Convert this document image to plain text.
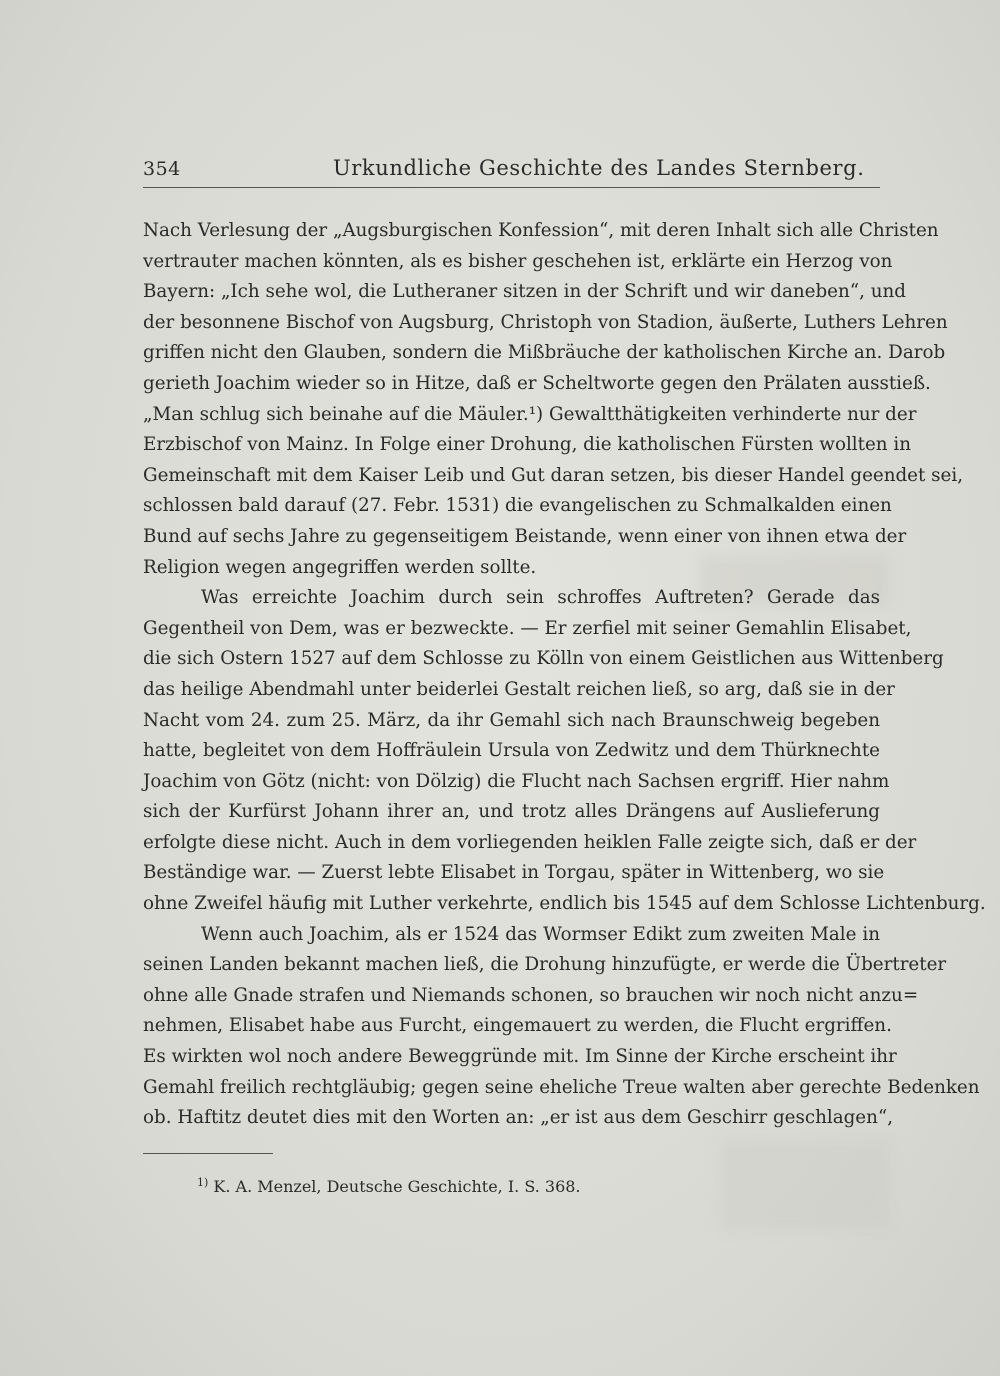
354	Urkundliche Geschichte des Landes Sternberg.
Nach Verlesung der „Augsburgischen Konfession“, mit deren Inhalt sich alle Christen
vertrauter machen könnten, als es bisher geschehen ist, erklärte ein Herzog von
Bayern: „Ich sehe wol, die Lutheraner sitzen in der Schrift und wir daneben“, und
der besonnene Bischof von Augsburg, Christoph von Stadion, äußerte, Luthers Lehren
griffen nicht den Glauben, sondern die Mißbräuche der katholischen Kirche an. Darob
gerieth Joachim wieder so in Hitze, daß er Scheltworte gegen den Prälaten ausstieß.
„Man schlug sich beinahe auf die Mäuler.¹) Gewaltthätigkeiten verhinderte nur der
Erzbischof von Mainz. In Folge einer Drohung, die katholischen Fürsten wollten in
Gemeinschaft mit dem Kaiser Leib und Gut daran setzen, bis dieser Handel geendet sei,
schlossen bald darauf (27. Febr. 1531) die evangelischen zu Schmalkalden einen
Bund auf sechs Jahre zu gegenseitigem Beistande, wenn einer von ihnen etwa der
Religion wegen angegriffen werden sollte.
Was erreichte Joachim durch sein schroffes Auftreten? Gerade das
Gegentheil von Dem, was er bezweckte. — Er zerfiel mit seiner Gemahlin Elisabet,
die sich Ostern 1527 auf dem Schlosse zu Kölln von einem Geistlichen aus Wittenberg
das heilige Abendmahl unter beiderlei Gestalt reichen ließ, so arg, daß sie in der
Nacht vom 24. zum 25. März, da ihr Gemahl sich nach Braunschweig begeben
hatte, begleitet von dem Hoffräulein Ursula von Zedwitz und dem Thürknechte
Joachim von Götz (nicht: von Dölzig) die Flucht nach Sachsen ergriff. Hier nahm
sich der Kurfürst Johann ihrer an, und trotz alles Drängens auf Auslieferung
erfolgte diese nicht. Auch in dem vorliegenden heiklen Falle zeigte sich, daß er der
Beständige war. — Zuerst lebte Elisabet in Torgau, später in Wittenberg, wo sie
ohne Zweifel häufig mit Luther verkehrte, endlich bis 1545 auf dem Schlosse Lichtenburg.
Wenn auch Joachim, als er 1524 das Wormser Edikt zum zweiten Male in
seinen Landen bekannt machen ließ, die Drohung hinzufügte, er werde die Übertreter
ohne alle Gnade strafen und Niemands schonen, so brauchen wir noch nicht anzu=
nehmen, Elisabet habe aus Furcht, eingemauert zu werden, die Flucht ergriffen.
Es wirkten wol noch andere Beweggründe mit. Im Sinne der Kirche erscheint ihr
Gemahl freilich rechtgläubig; gegen seine eheliche Treue walten aber gerechte Bedenken
ob. Haftitz deutet dies mit den Worten an: „er ist aus dem Geschirr geschlagen“,
$^{1)}$ K. A. Menzel, Deutsche Geschichte, I. S. 368.
